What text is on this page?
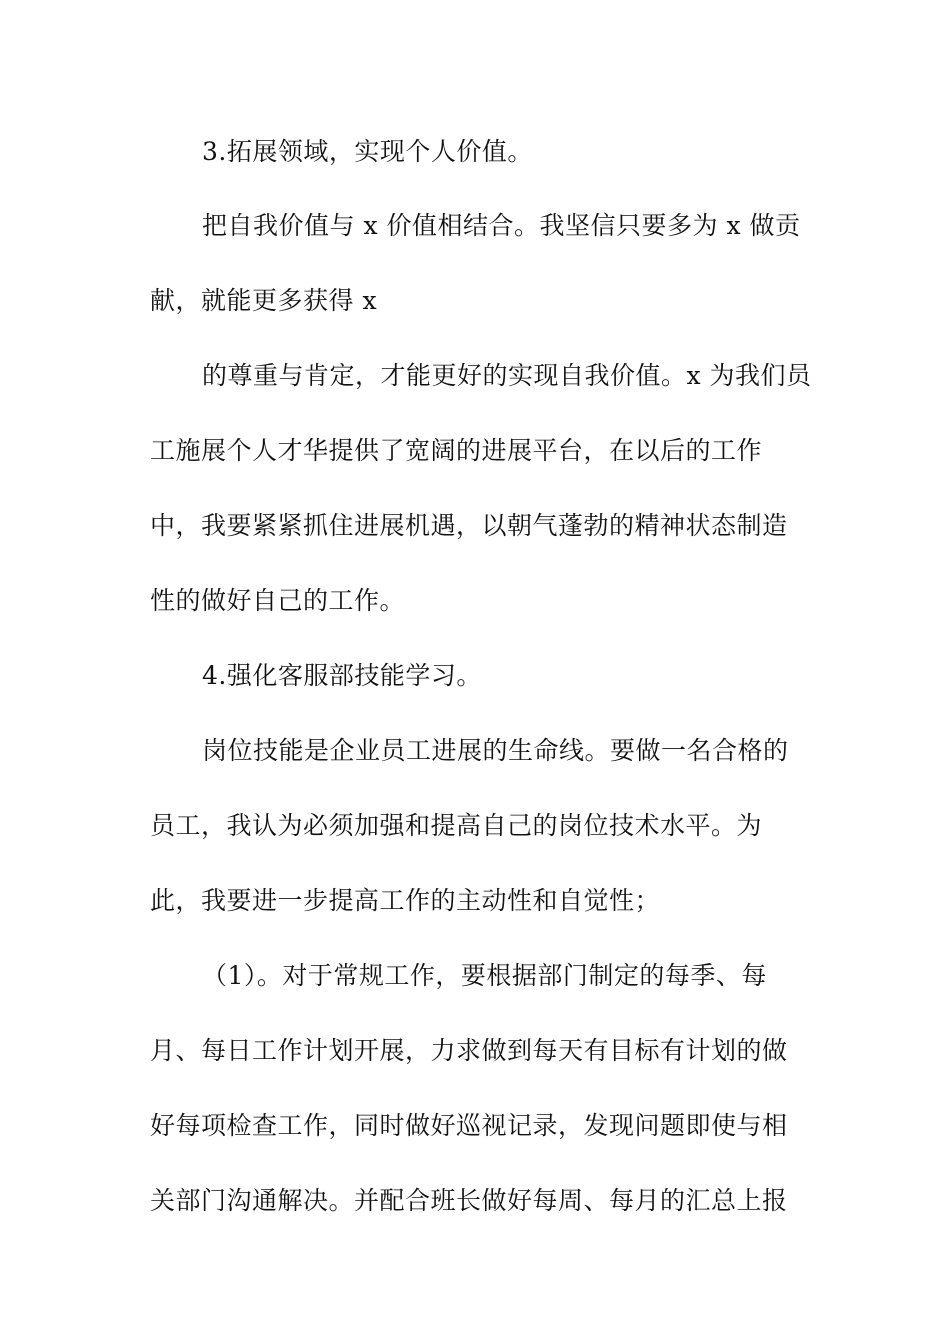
3.拓展领域，实现个人价值。
把自我价值与 x 价值相结合。我坚信只要多为 x 做贡
献，就能更多获得 x
的尊重与肯定，才能更好的实现自我价值。x 为我们员
工施展个人才华提供了宽阔的进展平台，在以后的工作
中，我要紧紧抓住进展机遇，以朝气蓬勃的精神状态制造
性的做好自己的工作。
4.强化客服部技能学习。
岗位技能是企业员工进展的生命线。要做一名合格的
员工，我认为必须加强和提高自己的岗位技术水平。为
此，我要进一步提高工作的主动性和自觉性；
（1）。对于常规工作，要根据部门制定的每季、每
月、每日工作计划开展，力求做到每天有目标有计划的做
好每项检查工作，同时做好巡视记录，发现问题即使与相
关部门沟通解决。并配合班长做好每周、每月的汇总上报
